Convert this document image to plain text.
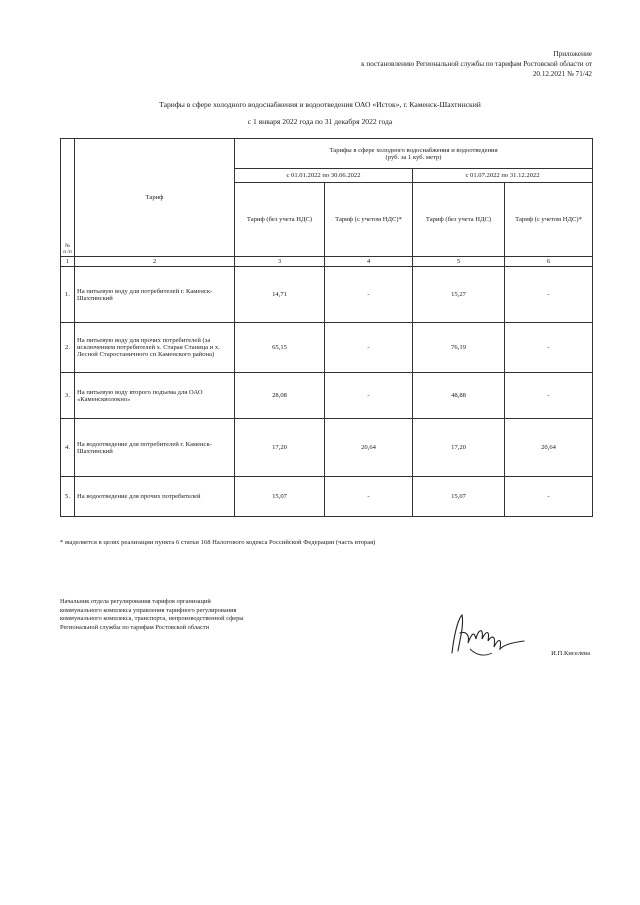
Приложение
к постановлению Региональной службы по тарифам Ростовской области от
20.12.2021 № 71/42
Тарифы в сфере холодного водоснабжения и водоотведения ОАО «Исток», г. Каменск-Шахтинский
с 1 января 2022 года по 31 декабря 2022 года
№ п /п	Тариф	Тарифы в сфере холодного водоснабжения и водоотведения
(руб. за 1 куб. метр)			

		с 01.01.2022 по 30.06.2022		с 01.07.2022 по 31.12.2022	
		Тариф (без учета НДС)	Тариф (с учетом НДС)*	Тариф (без учета НДС)	Тариф (с учетом НДС)*
1	2	3	4	5	6
1.	На питьевую воду для потребителей г. Каменск-Шахтинский	14,71	-	15,27	-
2.	На питьевую воду для прочих потребителей (за исключением потребителей х. Старая Станица и х. Лесной Старостаничного сп Каменского района)	65,15	-	76,19	-
3.	На питьевую воду второго подъема для ОАО «Каменскволокно»	28,08	-	48,88	-
4.	На водоотведение для потребителей г. Каменск-Шахтинский	17,20	20,64	17,20	20,64
5.	На водоотведение для прочих потребителей	15,07	-	15,07	-
* выделяется в целях реализации пункта 6 статьи 168 Налогового кодекса Российской Федерации (часть вторая)
Начальник отдела регулирования тарифов организаций коммунального комплекса управления тарифного регулирования коммунального комплекса, транспорта, непроизводственной сферы Региональной службы по тарифам Ростовской области
И.П.Киселева
